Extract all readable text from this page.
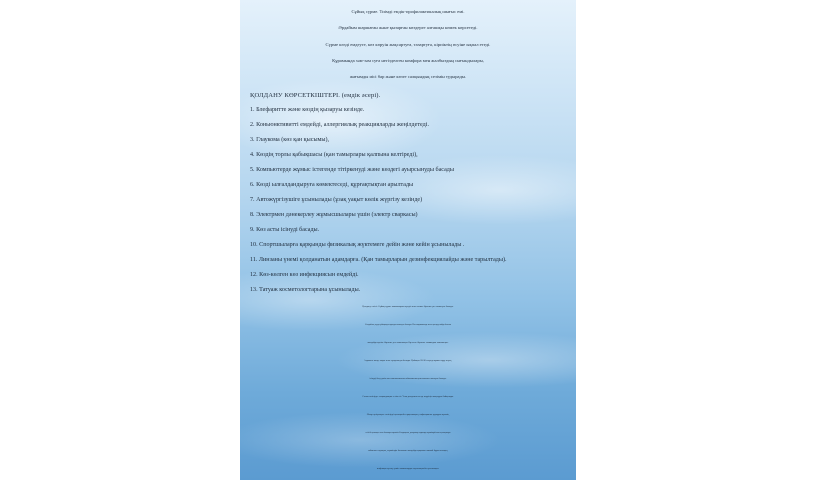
Сұйық сүрме. Тиімді емдік-профилактикалық шығыс емі.
Әрдайым шаршаған және қызарған көздерге алғашқы көмек көрсетеді.
Сүрме көзді емдеуге, көз көруін жақсартуға, тазартуға, кірпіктің өсуіне ықпал етеді.
Құрамында зәм-зәм суға негізделген комфора мен жалбыздың сығындылары,
жағымды иісі бар және көзге салқындық сезімін тудырады.
ҚОЛДАНУ КӨРСЕТКІШТЕРІ. (емдік әсері).
1. Блефаритте және көздің қызаруы кезінде.
2. Коньюнктивитті емдейді, аллергиялық реакцияларды жеңілдетеді.
3. Глаукома (көз қан қысымы),
4. Көздің торлы қабықшасы (қан тамырлары қалпына келтіреді),
5. Компьютерде жұмыс істегенде тітіркенуді және көздегі ауырсынуды басады
6. Көзді ылғалдандыруға көмектеседі, құрғақтықтан арылтады
7. Автожүргізушіге ұсынылады (ұзақ уақыт көлік жүргізу кезінде)
8. Электрмен дәнекерлеу жұмысшылары үшін (электр сваркасы)
9. Көз асты ісінуді басады.
10. Спортшыларға қарқынды физикалық жүктемеге дейін және кейін ұсынылады .
11. Линзаны үнемі қолданатын адамдарға. (Қан тамырларын дезинфекциялайды және тарылтады).
12. Көз-көлген көз инфекциясын емдейді.
13. Татуаж косметологтарына ұсынылады.
Қолдану тәсілі: Сұйық сүрме тамшыларын күндіз және кешке бірнеше рет тамызуға болады.
Сондай-ақ түнде ұйықтар алдында тамызуға болады. Көз шаршағанда және қызару пайда болған
жағдайда күніне бірнеше рет тамызыңыз.Әр көзге бірнеше тамшыдан тамызыңыз.
Алдымен көзде ашуы және ауырсынуы болады. Қабақты 20-30 секунд жұмып тұру керек,
ісінуді басу үшін көз гимнастикасын айналмалы қозғалыспен жасауға болады.
Сосын көзіңізде салқындықты сезінесіз. Ұзақ қолданған кезде көруіңіз жақсаруы байқалады.
Назар аударыңыз: көзіңізді қолыңызбен ұқаламаңыз, инфекцияны тудыруы мүмкін,
себебі қолыңыз таза болмауы мүмкін.Сондықтан, қолданар алдында мүмкіндігінше қолыңызды
сабынмен жуыңыз, мүмкіндік болмаған жағдайда қақпағын ашпай бұрап алыңыз,
инфекция түспеу үшін тамшыларды саусағыңызбен ұстамаңыз.
